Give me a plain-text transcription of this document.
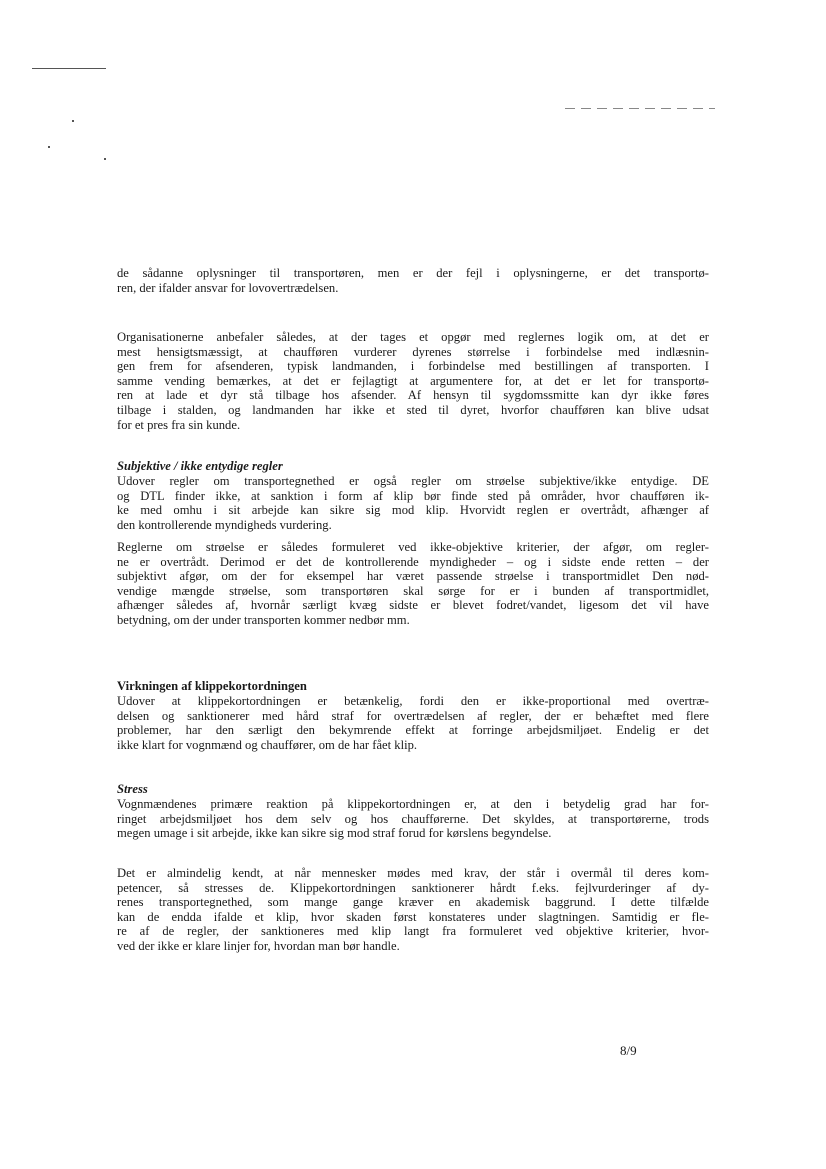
de sådanne oplysninger til transportøren, men er der fejl i oplysningerne, er det transportø-
ren, der ifalder ansvar for lovovertrædelsen.
Organisationerne anbefaler således, at der tages et opgør med reglernes logik om, at det er
mest hensigtsmæssigt, at chaufføren vurderer dyrenes størrelse i forbindelse med indlæsnin-
gen frem for afsenderen, typisk landmanden, i forbindelse med bestillingen af transporten. I
samme vending bemærkes, at det er fejlagtigt at argumentere for, at det er let for transportø-
ren at lade et dyr stå tilbage hos afsender. Af hensyn til sygdomssmitte kan dyr ikke føres
tilbage i stalden, og landmanden har ikke et sted til dyret, hvorfor chaufføren kan blive udsat
for et pres fra sin kunde.
Subjektive / ikke entydige regler
Udover regler om transportegnethed er også regler om strøelse subjektive/ikke entydige. DE
og DTL finder ikke, at sanktion i form af klip bør finde sted på områder, hvor chaufføren ik-
ke med omhu i sit arbejde kan sikre sig mod klip. Hvorvidt reglen er overtrådt, afhænger af
den kontrollerende myndigheds vurdering.
Reglerne om strøelse er således formuleret ved ikke-objektive kriterier, der afgør, om regler-
ne er overtrådt. Derimod er det de kontrollerende myndigheder – og i sidste ende retten – der
subjektivt afgør, om der for eksempel har været passende strøelse i transportmidlet Den nød-
vendige mængde strøelse, som transportøren skal sørge for er i bunden af transportmidlet,
afhænger således af, hvornår særligt kvæg sidste er blevet fodret/vandet, ligesom det vil have
betydning, om der under transporten kommer nedbør mm.
Virkningen af klippekortordningen
Udover at klippekortordningen er betænkelig, fordi den er ikke-proportional med overtræ-
delsen og sanktionerer med hård straf for overtrædelsen af regler, der er behæftet med flere
problemer, har den særligt den bekymrende effekt at forringe arbejdsmiljøet. Endelig er det
ikke klart for vognmænd og chauffører, om de har fået klip.
Stress
Vognmændenes primære reaktion på klippekortordningen er, at den i betydelig grad har for-
ringet arbejdsmiljøet hos dem selv og hos chaufførerne. Det skyldes, at transportørerne, trods
megen umage i sit arbejde, ikke kan sikre sig mod straf forud for kørslens begyndelse.
Det er almindelig kendt, at når mennesker mødes med krav, der står i overmål til deres kom-
petencer, så stresses de. Klippekortordningen sanktionerer hårdt f.eks. fejlvurderinger af dy-
renes transportegnethed, som mange gange kræver en akademisk baggrund. I dette tilfælde
kan de endda ifalde et klip, hvor skaden først konstateres under slagtningen. Samtidig er fle-
re af de regler, der sanktioneres med klip langt fra formuleret ved objektive kriterier, hvor-
ved der ikke er klare linjer for, hvordan man bør handle.
8/9
